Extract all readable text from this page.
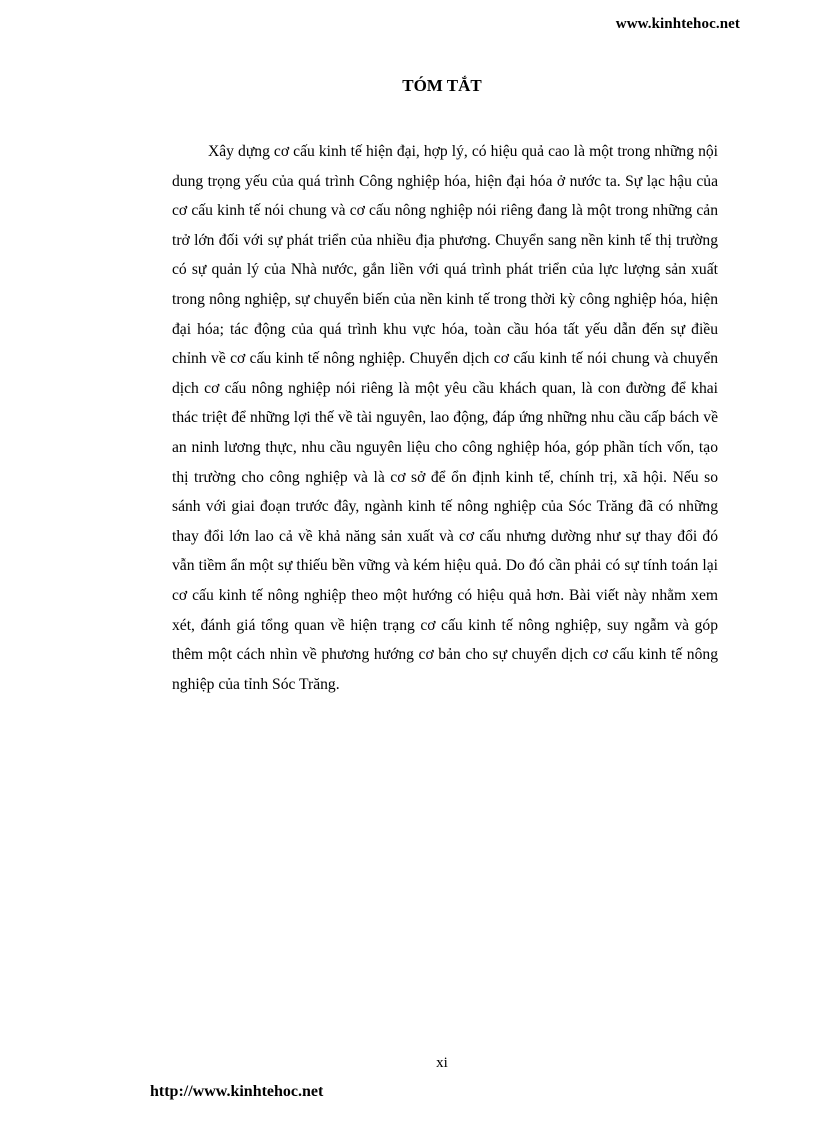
www.kinhtehoc.net
TÓM TẮT

Xây dựng cơ cấu kinh tế hiện đại, hợp lý, có hiệu quả cao là một trong những nội dung trọng yếu của quá trình Công nghiệp hóa, hiện đại hóa ở nước ta. Sự lạc hậu của cơ cấu kinh tế nói chung và cơ cấu nông nghiệp nói riêng đang là một trong những cản trở lớn đối với sự phát triển của nhiều địa phương. Chuyển sang nền kinh tế thị trường có sự quản lý của Nhà nước, gắn liền với quá trình phát triển của lực lượng sản xuất trong nông nghiệp, sự chuyển biến của nền kinh tế trong thời kỳ công nghiệp hóa, hiện đại hóa; tác động của quá trình khu vực hóa, toàn cầu hóa tất yếu dẫn đến sự điều chỉnh về cơ cấu kinh tế nông nghiệp. Chuyển dịch cơ cấu kinh tế nói chung và chuyển dịch cơ cấu nông nghiệp nói riêng là một yêu cầu khách quan, là con đường để khai thác triệt để những lợi thế về tài nguyên, lao động, đáp ứng những nhu cầu cấp bách về an ninh lương thực, nhu cầu nguyên liệu cho công nghiệp hóa, góp phần tích vốn, tạo thị trường cho công nghiệp và là cơ sở để ổn định kinh tế, chính trị, xã hội. Nếu so sánh với giai đoạn trước đây, ngành kinh tế nông nghiệp của Sóc Trăng đã có những thay đổi lớn lao cả về khả năng sản xuất và cơ cấu nhưng dường như sự thay đổi đó vẫn tiềm ẩn một sự thiếu bền vững và kém hiệu quả. Do đó cần phải có sự tính toán lại cơ cấu kinh tế nông nghiệp theo một hướng có hiệu quả hơn. Bài viết này nhằm xem xét, đánh giá tổng quan về hiện trạng cơ cấu kinh tế nông nghiệp, suy ngẫm và góp thêm một cách nhìn về phương hướng cơ bản cho sự chuyển dịch cơ cấu kinh tế nông nghiệp của tỉnh Sóc Trăng.

xi
http://www.kinhtehoc.net
